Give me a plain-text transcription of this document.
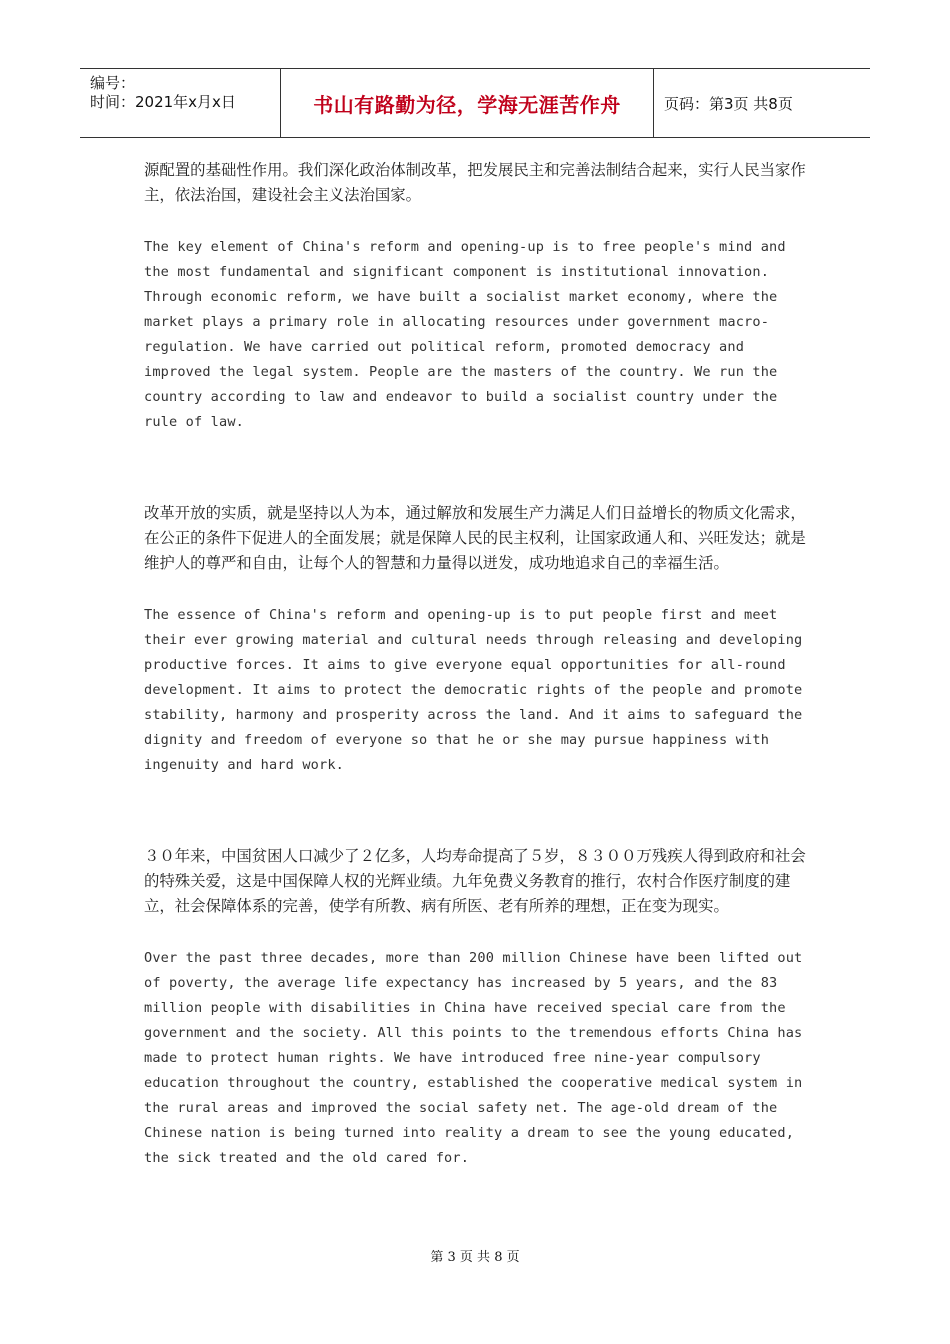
编号：
时间：2021年x月x日	书山有路勤为径，学海无涯苦作舟	页码：第3页 共8页

源配置的基础性作用。我们深化政治体制改革，把发展民主和完善法制结合起来，实行人民当家作主，依法治国，建设社会主义法治国家。

The key element of China's reform and opening-up is to free people's mind and the most fundamental and significant component is institutional innovation. Through economic reform, we have built a socialist market economy, where the market plays a primary role in allocating resources under government macro-regulation. We have carried out political reform, promoted democracy and improved the legal system. People are the masters of the country. We run the country according to law and endeavor to build a socialist country under the rule of law.

改革开放的实质，就是坚持以人为本，通过解放和发展生产力满足人们日益增长的物质文化需求，在公正的条件下促进人的全面发展；就是保障人民的民主权利，让国家政通人和、兴旺发达；就是维护人的尊严和自由，让每个人的智慧和力量得以迸发，成功地追求自己的幸福生活。

The essence of China's reform and opening-up is to put people first and meet their ever growing material and cultural needs through releasing and developing productive forces. It aims to give everyone equal opportunities for all-round development. It aims to protect the democratic rights of the people and promote stability, harmony and prosperity across the land. And it aims to safeguard the dignity and freedom of everyone so that he or she may pursue happiness with ingenuity and hard work.

３０年来，中国贫困人口减少了２亿多，人均寿命提高了５岁，８３００万残疾人得到政府和社会的特殊关爱，这是中国保障人权的光辉业绩。九年免费义务教育的推行，农村合作医疗制度的建立，社会保障体系的完善，使学有所教、病有所医、老有所养的理想，正在变为现实。

Over the past three decades, more than 200 million Chinese have been lifted out of poverty, the average life expectancy has increased by 5 years, and the 83 million people with disabilities in China have received special care from the government and the society. All this points to the tremendous efforts China has made to protect human rights. We have introduced free nine-year compulsory education throughout the country, established the cooperative medical system in the rural areas and improved the social safety net. The age-old dream of the Chinese nation is being turned into reality a dream to see the young educated, the sick treated and the old cared for.

第 3 页 共 8 页
